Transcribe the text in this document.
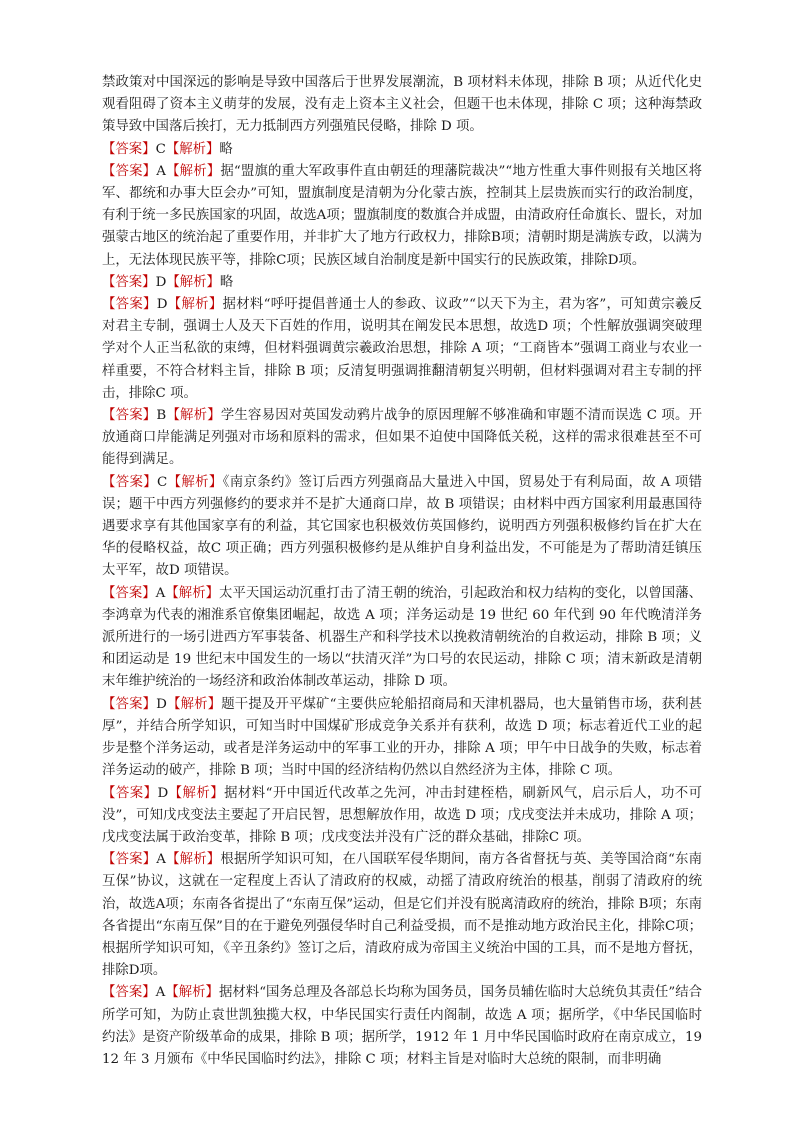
禁政策对中国深远的影响是导致中国落后于世界发展潮流，B 项材料未体现，排除 B 项；从近代化史观看阻碍了资本主义萌芽的发展，没有走上资本主义社会，但题干也未体现，排除 C 项；这种海禁政策导致中国落后挨打，无力抵制西方列强殖民侵略，排除 D 项。

【答案】C【解析】略

【答案】A【解析】据“盟旗的重大军政事件直由朝廷的理藩院裁决”“地方性重大事件则报有关地区将军、都统和办事大臣会办”可知，盟旗制度是清朝为分化蒙古族，控制其上层贵族而实行的政治制度，有利于统一多民族国家的巩固，故选A项；盟旗制度的数旗合并成盟，由清政府任命旗长、盟长，对加强蒙古地区的统治起了重要作用，并非扩大了地方行政权力，排除B项；清朝时期是满族专政，以满为上，无法体现民族平等，排除C项；民族区域自治制度是新中国实行的民族政策，排除D项。

【答案】D【解析】略

【答案】D【解析】据材料“呼吁提倡普通士人的参政、议政”“以天下为主，君为客”，可知黄宗羲反对君主专制，强调士人及天下百姓的作用，说明其在阐发民本思想，故选D 项；个性解放强调突破理学对个人正当私欲的束缚，但材料强调黄宗羲政治思想，排除 A 项；“工商皆本”强调工商业与农业一样重要，不符合材料主旨，排除 B 项；反清复明强调推翻清朝复兴明朝，但材料强调对君主专制的抨击，排除C 项。

【答案】B【解析】学生容易因对英国发动鸦片战争的原因理解不够准确和审题不清而误选 C 项。开放通商口岸能满足列强对市场和原料的需求，但如果不迫使中国降低关税，这样的需求很难甚至不可能得到满足。

【答案】C【解析】《南京条约》签订后西方列强商品大量进入中国，贸易处于有利局面，故 A 项错误；题干中西方列强修约的要求并不是扩大通商口岸，故 B 项错误；由材料中西方国家利用最惠国待遇要求享有其他国家享有的利益，其它国家也积极效仿英国修约，说明西方列强积极修约旨在扩大在华的侵略权益，故C 项正确；西方列强积极修约是从维护自身利益出发，不可能是为了帮助清廷镇压太平军，故D 项错误。

【答案】A【解析】太平天国运动沉重打击了清王朝的统治，引起政治和权力结构的变化，以曾国藩、李鸿章为代表的湘淮系官僚集团崛起，故选 A 项；洋务运动是 19 世纪 60 年代到 90 年代晚清洋务派所进行的一场引进西方军事装备、机器生产和科学技术以挽救清朝统治的自救运动，排除 B 项；义和团运动是 19 世纪末中国发生的一场以“扶清灭洋”为口号的农民运动，排除 C 项；清末新政是清朝末年维护统治的一场经济和政治体制改革运动，排除 D 项。

【答案】D【解析】题干提及开平煤矿“主要供应轮船招商局和天津机器局，也大量销售市场，获利甚厚”，并结合所学知识，可知当时中国煤矿形成竞争关系并有获利，故选 D 项；标志着近代工业的起步是整个洋务运动，或者是洋务运动中的军事工业的开办，排除 A 项；甲午中日战争的失败，标志着洋务运动的破产，排除 B 项；当时中国的经济结构仍然以自然经济为主体，排除 C 项。

【答案】D【解析】据材料“开中国近代改革之先河，冲击封建桎梏，刷新风气，启示后人，功不可没”，可知戊戌变法主要起了开启民智，思想解放作用，故选 D 项；戊戌变法并未成功，排除 A 项；戊戌变法属于政治变革，排除 B 项；戊戌变法并没有广泛的群众基础，排除C 项。

【答案】A【解析】根据所学知识可知，在八国联军侵华期间，南方各省督抚与英、美等国洽商“东南互保”协议，这就在一定程度上否认了清政府的权威，动摇了清政府统治的根基，削弱了清政府的统治，故选A项；东南各省提出了“东南互保”运动，但是它们并没有脱离清政府的统治，排除 B项；东南各省提出“东南互保”目的在于避免列强侵华时自己利益受损，而不是推动地方政治民主化，排除C项；根据所学知识可知，《辛丑条约》签订之后，清政府成为帝国主义统治中国的工具，而不是地方督抚，排除D项。

【答案】A【解析】据材料“国务总理及各部总长均称为国务员，国务员辅佐临时大总统负其责任”结合所学可知，为防止袁世凯独揽大权，中华民国实行责任内阁制，故选 A 项；据所学，《中华民国临时约法》是资产阶级革命的成果，排除 B 项；据所学，1912 年 1 月中华民国临时政府在南京成立，1912 年 3 月颁布《中华民国临时约法》，排除 C 项；材料主旨是对临时大总统的限制，而非明确
